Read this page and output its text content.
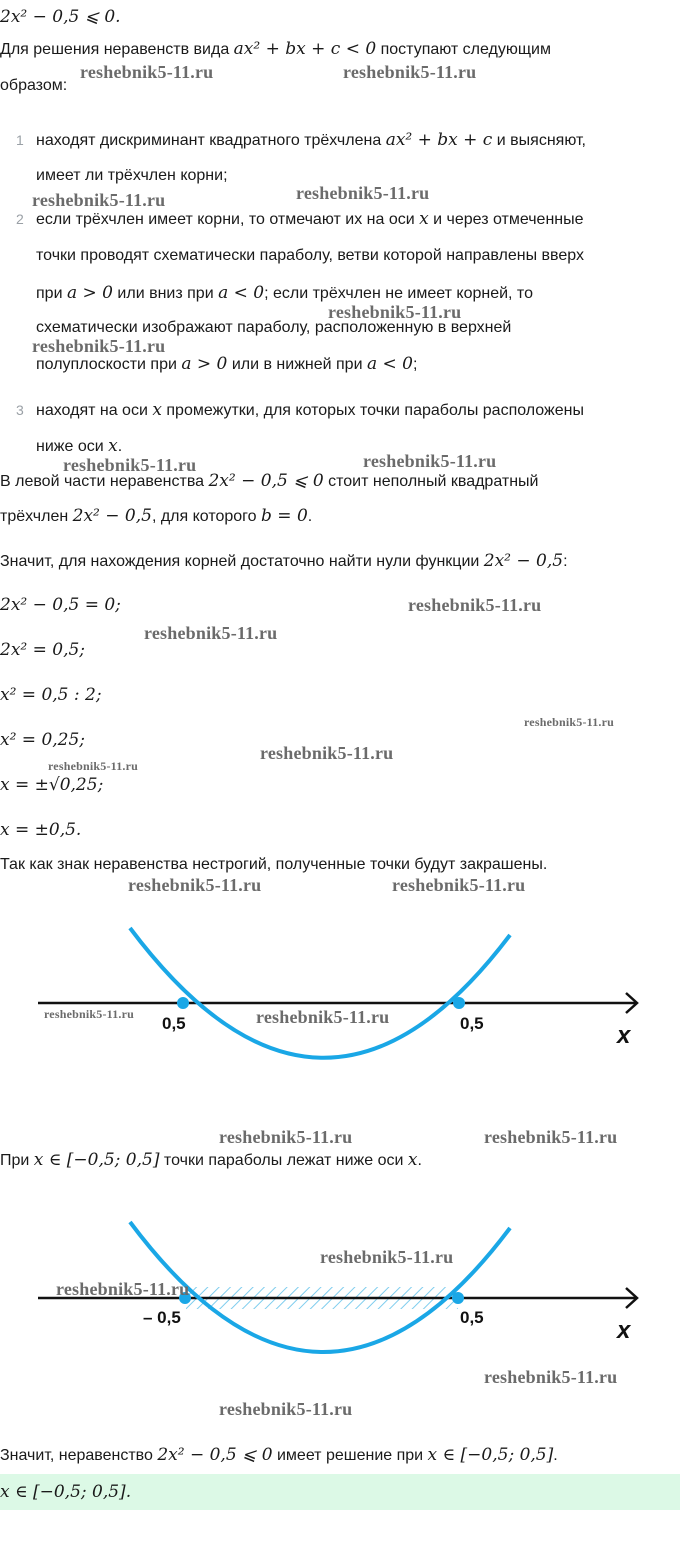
2x² − 0,5 ⩽ 0.
Для решения неравенств вида ax² + bx + c < 0 поступают следующим
образом:
1 находят дискриминант квадратного трёхчлена ax² + bx + c и выясняют,
имеет ли трёхчлен корни;
2 если трёхчлен имеет корни, то отмечают их на оси x и через отмеченные
точки проводят схематически параболу, ветви которой направлены вверх
при a > 0 или вниз при a < 0; если трёхчлен не имеет корней, то
схематически изображают параболу, расположенную в верхней
полуплоскости при a > 0 или в нижней при a < 0;
3 находят на оси x промежутки, для которых точки параболы расположены
ниже оси x.
В левой части неравенства 2x² − 0,5 ⩽ 0 стоит неполный квадратный
трёхчлен 2x² − 0,5, для которого b = 0.
Значит, для нахождения корней достаточно найти нули функции 2x² − 0,5:
2x² − 0,5 = 0;
2x² = 0,5;
x² = 0,5 : 2;
x² = 0,25;
x = ±√0,25;
x = ±0,5.
Так как знак неравенства нестрогий, полученные точки будут закрашены.
0,5	0,5	x
При x ∈ [−0,5; 0,5] точки параболы лежат ниже оси x.
– 0,5	0,5	x
Значит, неравенство 2x² − 0,5 ⩽ 0 имеет решение при x ∈ [−0,5; 0,5].
x ∈ [−0,5; 0,5].
reshebnik5-11.ru	reshebnik5-11.ru
reshebnik5-11.ru	reshebnik5-11.ru
reshebnik5-11.ru
reshebnik5-11.ru
reshebnik5-11.ru	reshebnik5-11.ru
reshebnik5-11.ru
reshebnik5-11.ru
reshebnik5-11.ru
reshebnik5-11.ru
reshebnik5-11.ru
reshebnik5-11.ru	reshebnik5-11.ru
reshebnik5-11.ru	reshebnik5-11.ru
reshebnik5-11.ru	reshebnik5-11.ru
reshebnik5-11.ru
reshebnik5-11.ru
reshebnik5-11.ru
reshebnik5-11.ru
